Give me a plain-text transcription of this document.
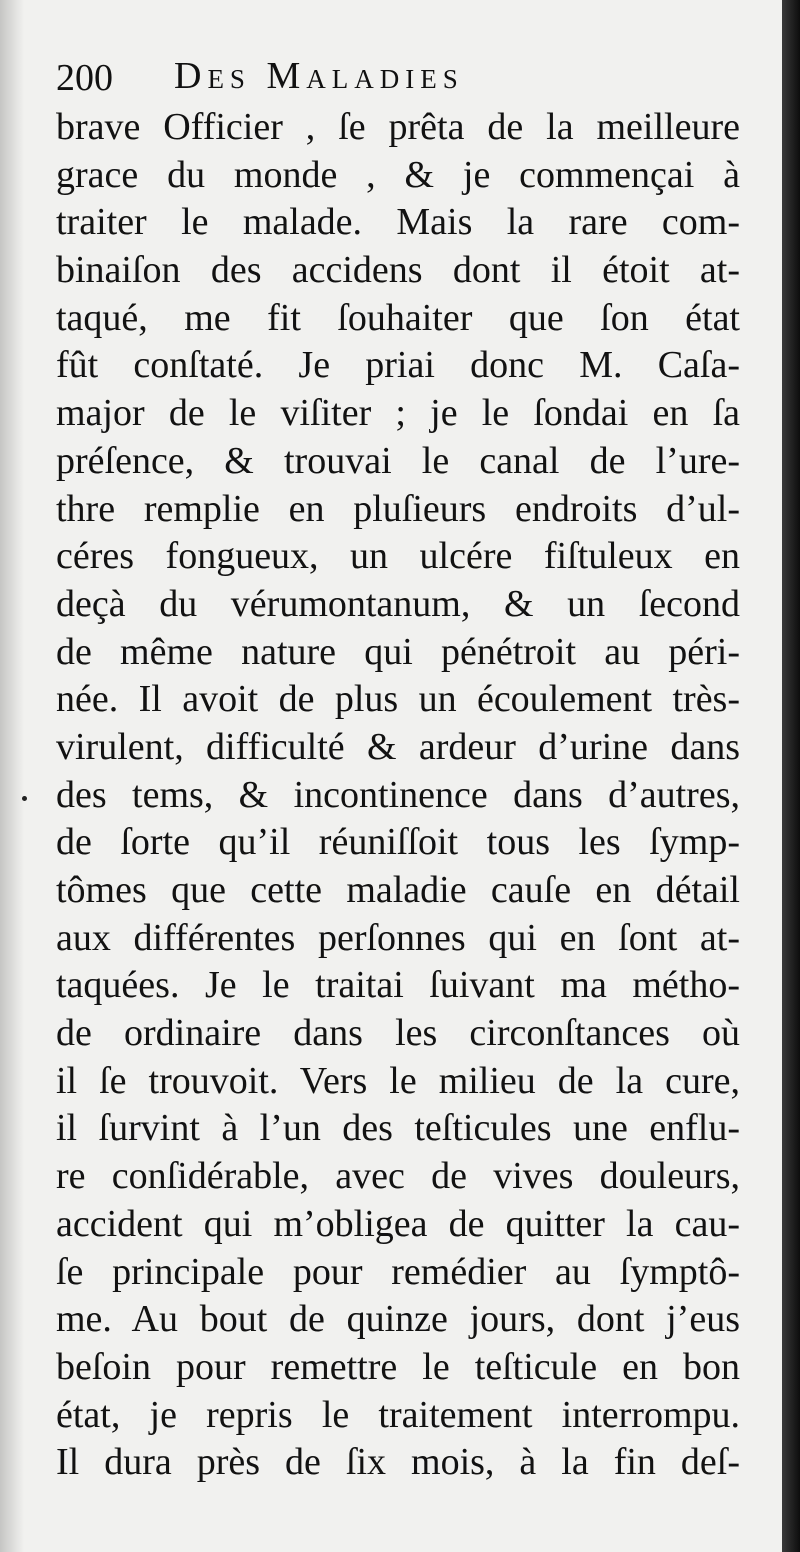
200 Des Maladies
brave Officier , ſe prêta de la meilleure
grace du monde , & je commençai à
traiter le malade. Mais la rare com-
binaiſon des accidens dont il étoit at-
taqué, me fit ſouhaiter que ſon état
fût conſtaté. Je priai donc M. Caſa-
major de le viſiter ; je le ſondai en ſa
préſence, & trouvai le canal de l’ure-
thre remplie en pluſieurs endroits d’ul-
céres fongueux, un ulcére fiſtuleux en
deçà du vérumontanum, & un ſecond
de même nature qui pénétroit au péri-
née. Il avoit de plus un écoulement très-
virulent, difficulté & ardeur d’urine dans
des tems, & incontinence dans d’autres,
de ſorte qu’il réuniſſoit tous les ſymp-
tômes que cette maladie cauſe en détail
aux différentes perſonnes qui en ſont at-
taquées. Je le traitai ſuivant ma métho-
de ordinaire dans les circonſtances où
il ſe trouvoit. Vers le milieu de la cure,
il ſurvint à l’un des teſticules une enflu-
re conſidérable, avec de vives douleurs,
accident qui m’obligea de quitter la cau-
ſe principale pour remédier au ſymptô-
me. Au bout de quinze jours, dont j’eus
beſoin pour remettre le teſticule en bon
état, je repris le traitement interrompu.
Il dura près de ſix mois, à la fin deſ-
